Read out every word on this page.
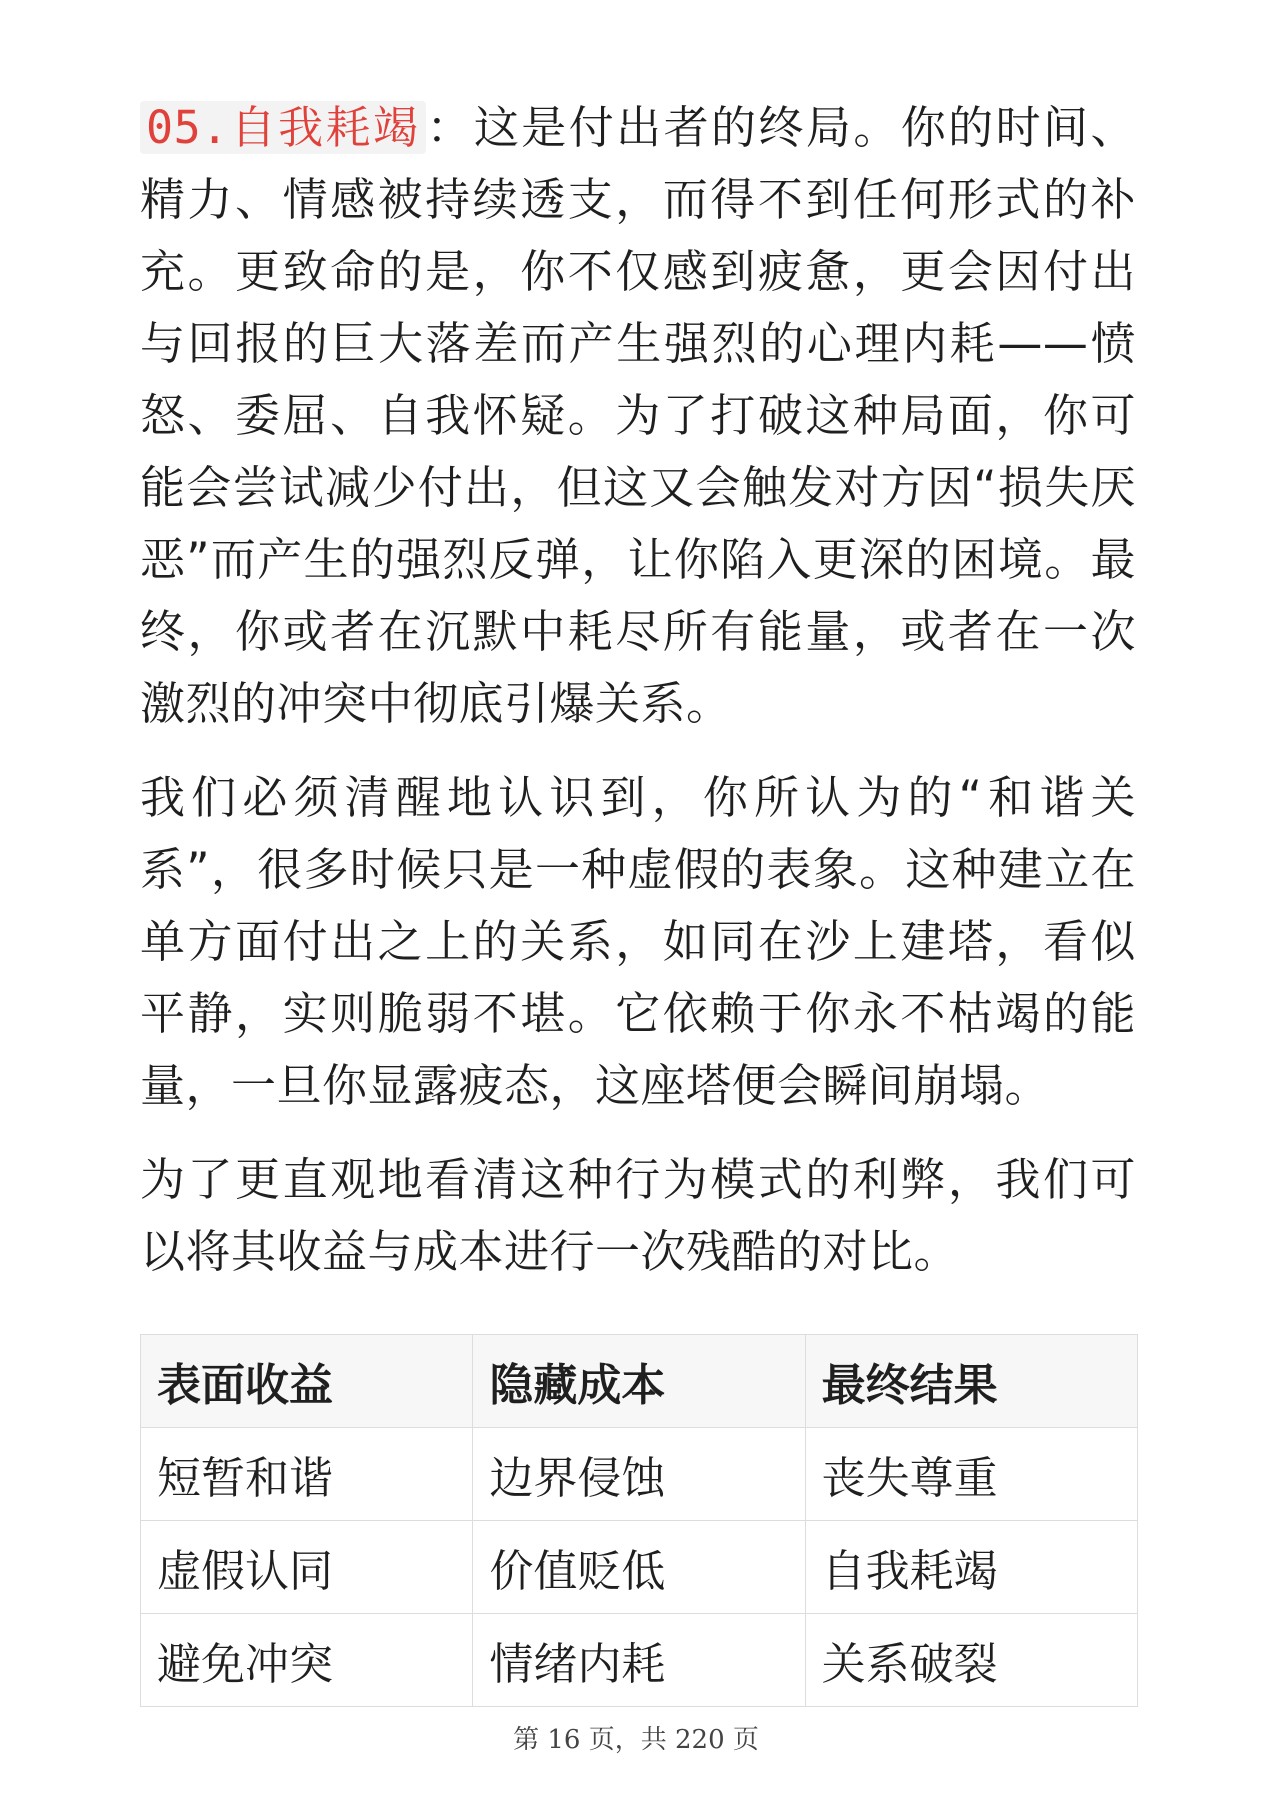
05.自我耗竭 ：这是付出者的终局。你的时间、精力、情感被持续透支，而得不到任何形式的补充。更致命的是，你不仅感到疲惫，更会因付出与回报的巨大落差而产生强烈的心理内耗——愤怒、委屈、自我怀疑。为了打破这种局面，你可能会尝试减少付出，但这又会触发对方因“损失厌恶”而产生的强烈反弹，让你陷入更深的困境。最终，你或者在沉默中耗尽所有能量，或者在一次激烈的冲突中彻底引爆关系。

我们必须清醒地认识到，你所认为的“和谐关系”，很多时候只是一种虚假的表象。这种建立在单方面付出之上的关系，如同在沙上建塔，看似平静，实则脆弱不堪。它依赖于你永不枯竭的能量，一旦你显露疲态，这座塔便会瞬间崩塌。

为了更直观地看清这种行为模式的利弊，我们可以将其收益与成本进行一次残酷的对比。

表面收益	隐藏成本	最终结果
短暂和谐	边界侵蚀	丧失尊重
虚假认同	价值贬低	自我耗竭
避免冲突	情绪内耗	关系破裂
第 16 页，共 220 页
